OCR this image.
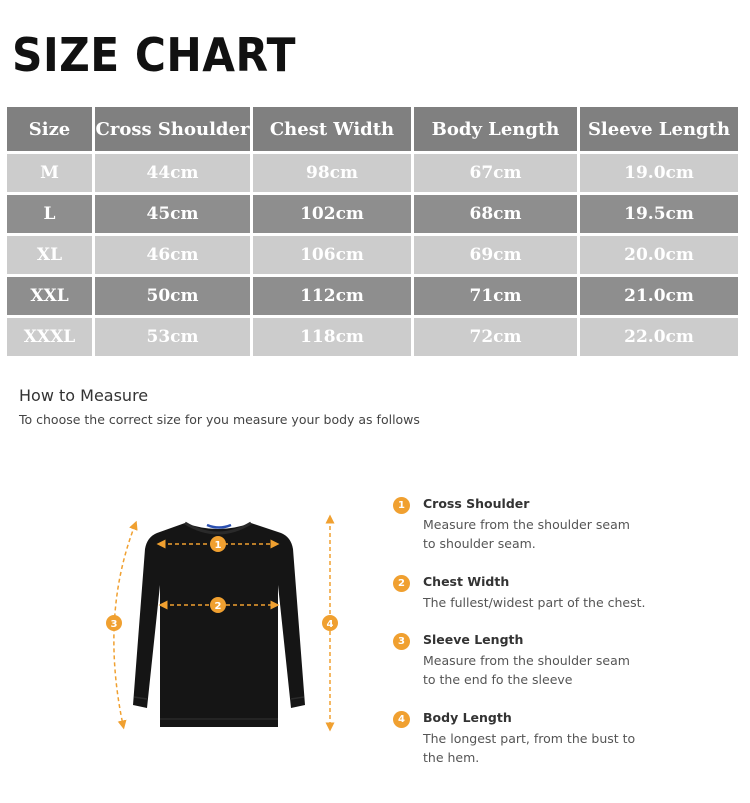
SIZE CHART
Size	Cross Shoulder	Chest Width	Body Length	Sleeve Length
M	44cm	98cm	67cm	19.0cm
L	45cm	102cm	68cm	19.5cm
XL	46cm	106cm	69cm	20.0cm
XXL	50cm	112cm	71cm	21.0cm
XXXL	53cm	118cm	72cm	22.0cm
How to Measure
To choose the correct size for you measure your body as follows
1
2
3	4
1	Cross Shoulder
Measure from the shoulder seam
to shoulder seam.
2	Chest Width
The fullest/widest part of the chest.
3	Sleeve Length
Measure from the shoulder seam
to the end fo the sleeve
4	Body Length
The longest part, from the bust to
the hem.
